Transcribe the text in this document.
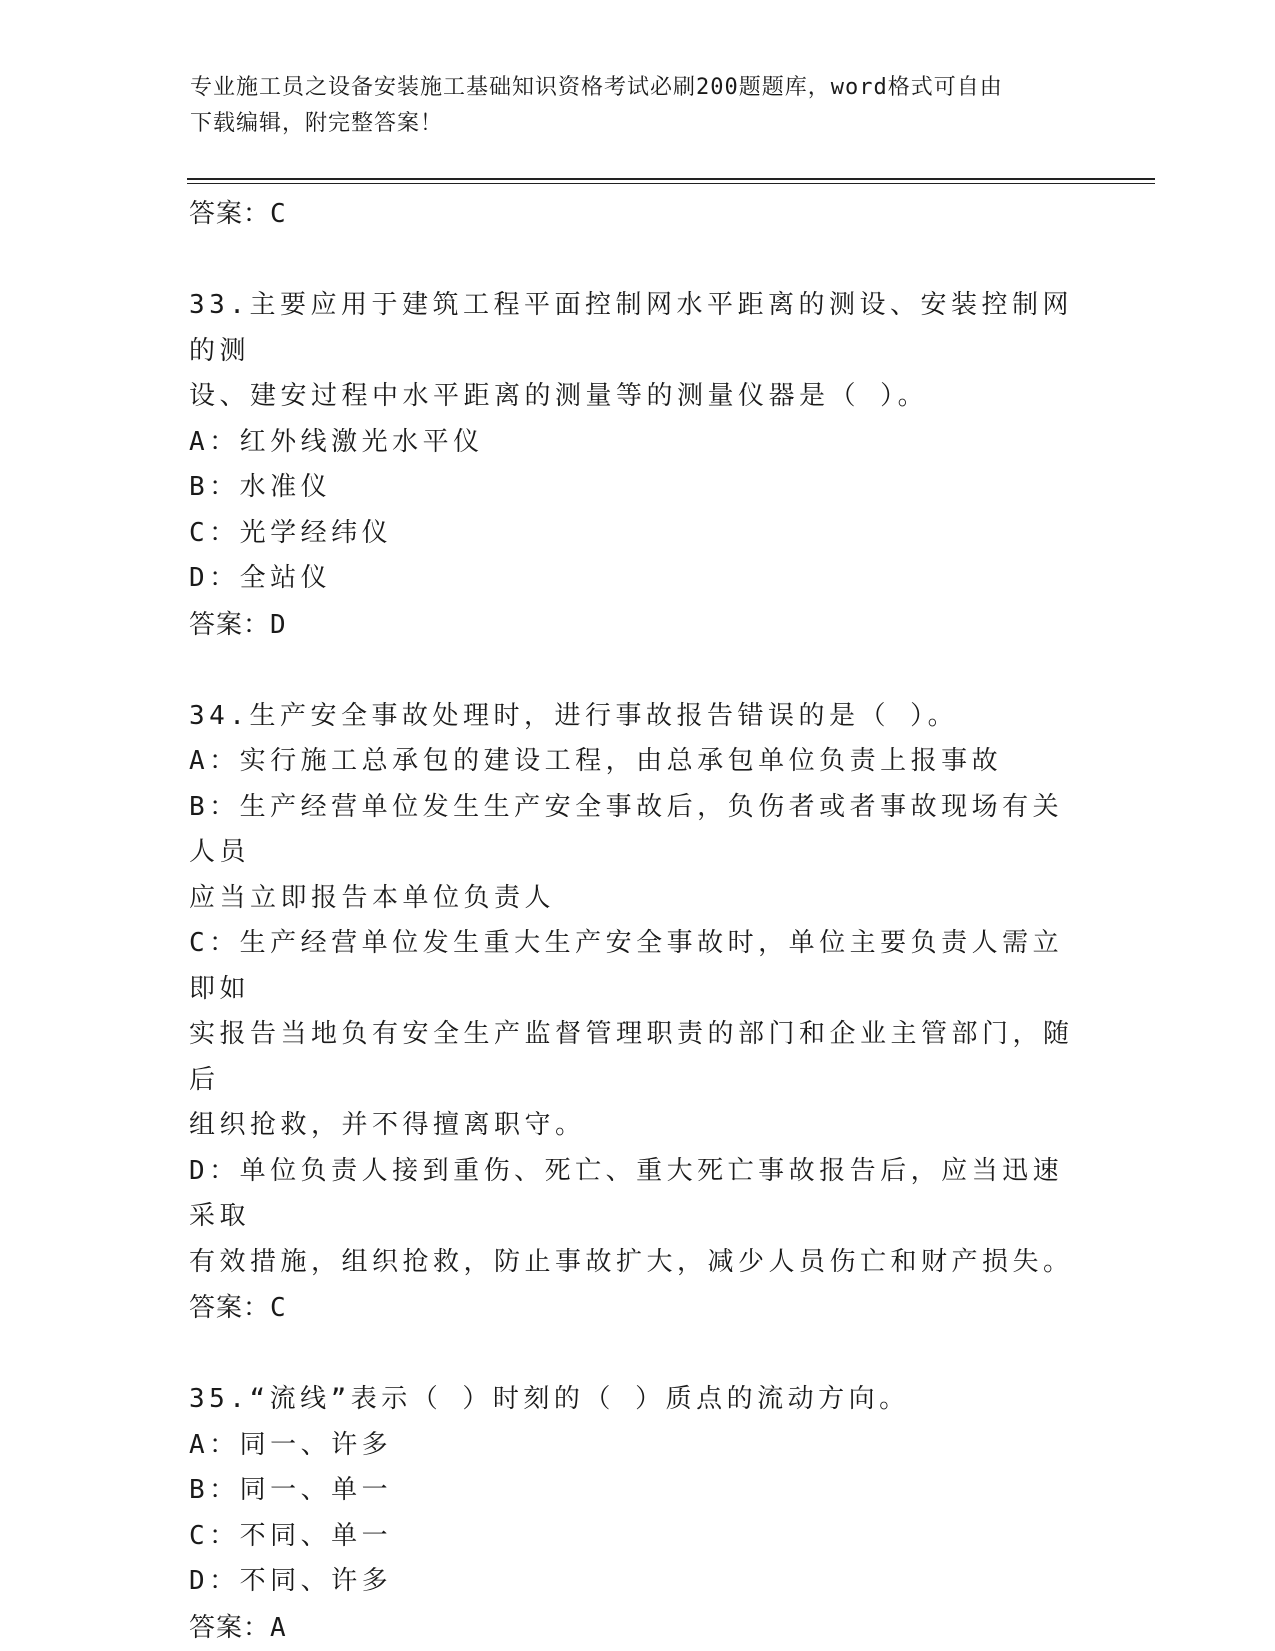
专业施工员之设备安装施工基础知识资格考试必刷200题题库，word格式可自由
下载编辑，附完整答案！
答案：C
33.主要应用于建筑工程平面控制网水平距离的测设、安装控制网的测
设、建安过程中水平距离的测量等的测量仪器是（ ）。
A：红外线激光水平仪
B：水准仪
C：光学经纬仪
D：全站仪
答案：D
34.生产安全事故处理时，进行事故报告错误的是（ ）。
A：实行施工总承包的建设工程，由总承包单位负责上报事故
B：生产经营单位发生生产安全事故后，负伤者或者事故现场有关人员
应当立即报告本单位负责人
C：生产经营单位发生重大生产安全事故时，单位主要负责人需立即如
实报告当地负有安全生产监督管理职责的部门和企业主管部门，随后
组织抢救，并不得擅离职守。
D：单位负责人接到重伤、死亡、重大死亡事故报告后，应当迅速采取
有效措施，组织抢救，防止事故扩大，减少人员伤亡和财产损失。
答案：C
35.“流线”表示（ ）时刻的（ ）质点的流动方向。
A：同一、许多
B：同一、单一
C：不同、单一
D：不同、许多
答案：A
